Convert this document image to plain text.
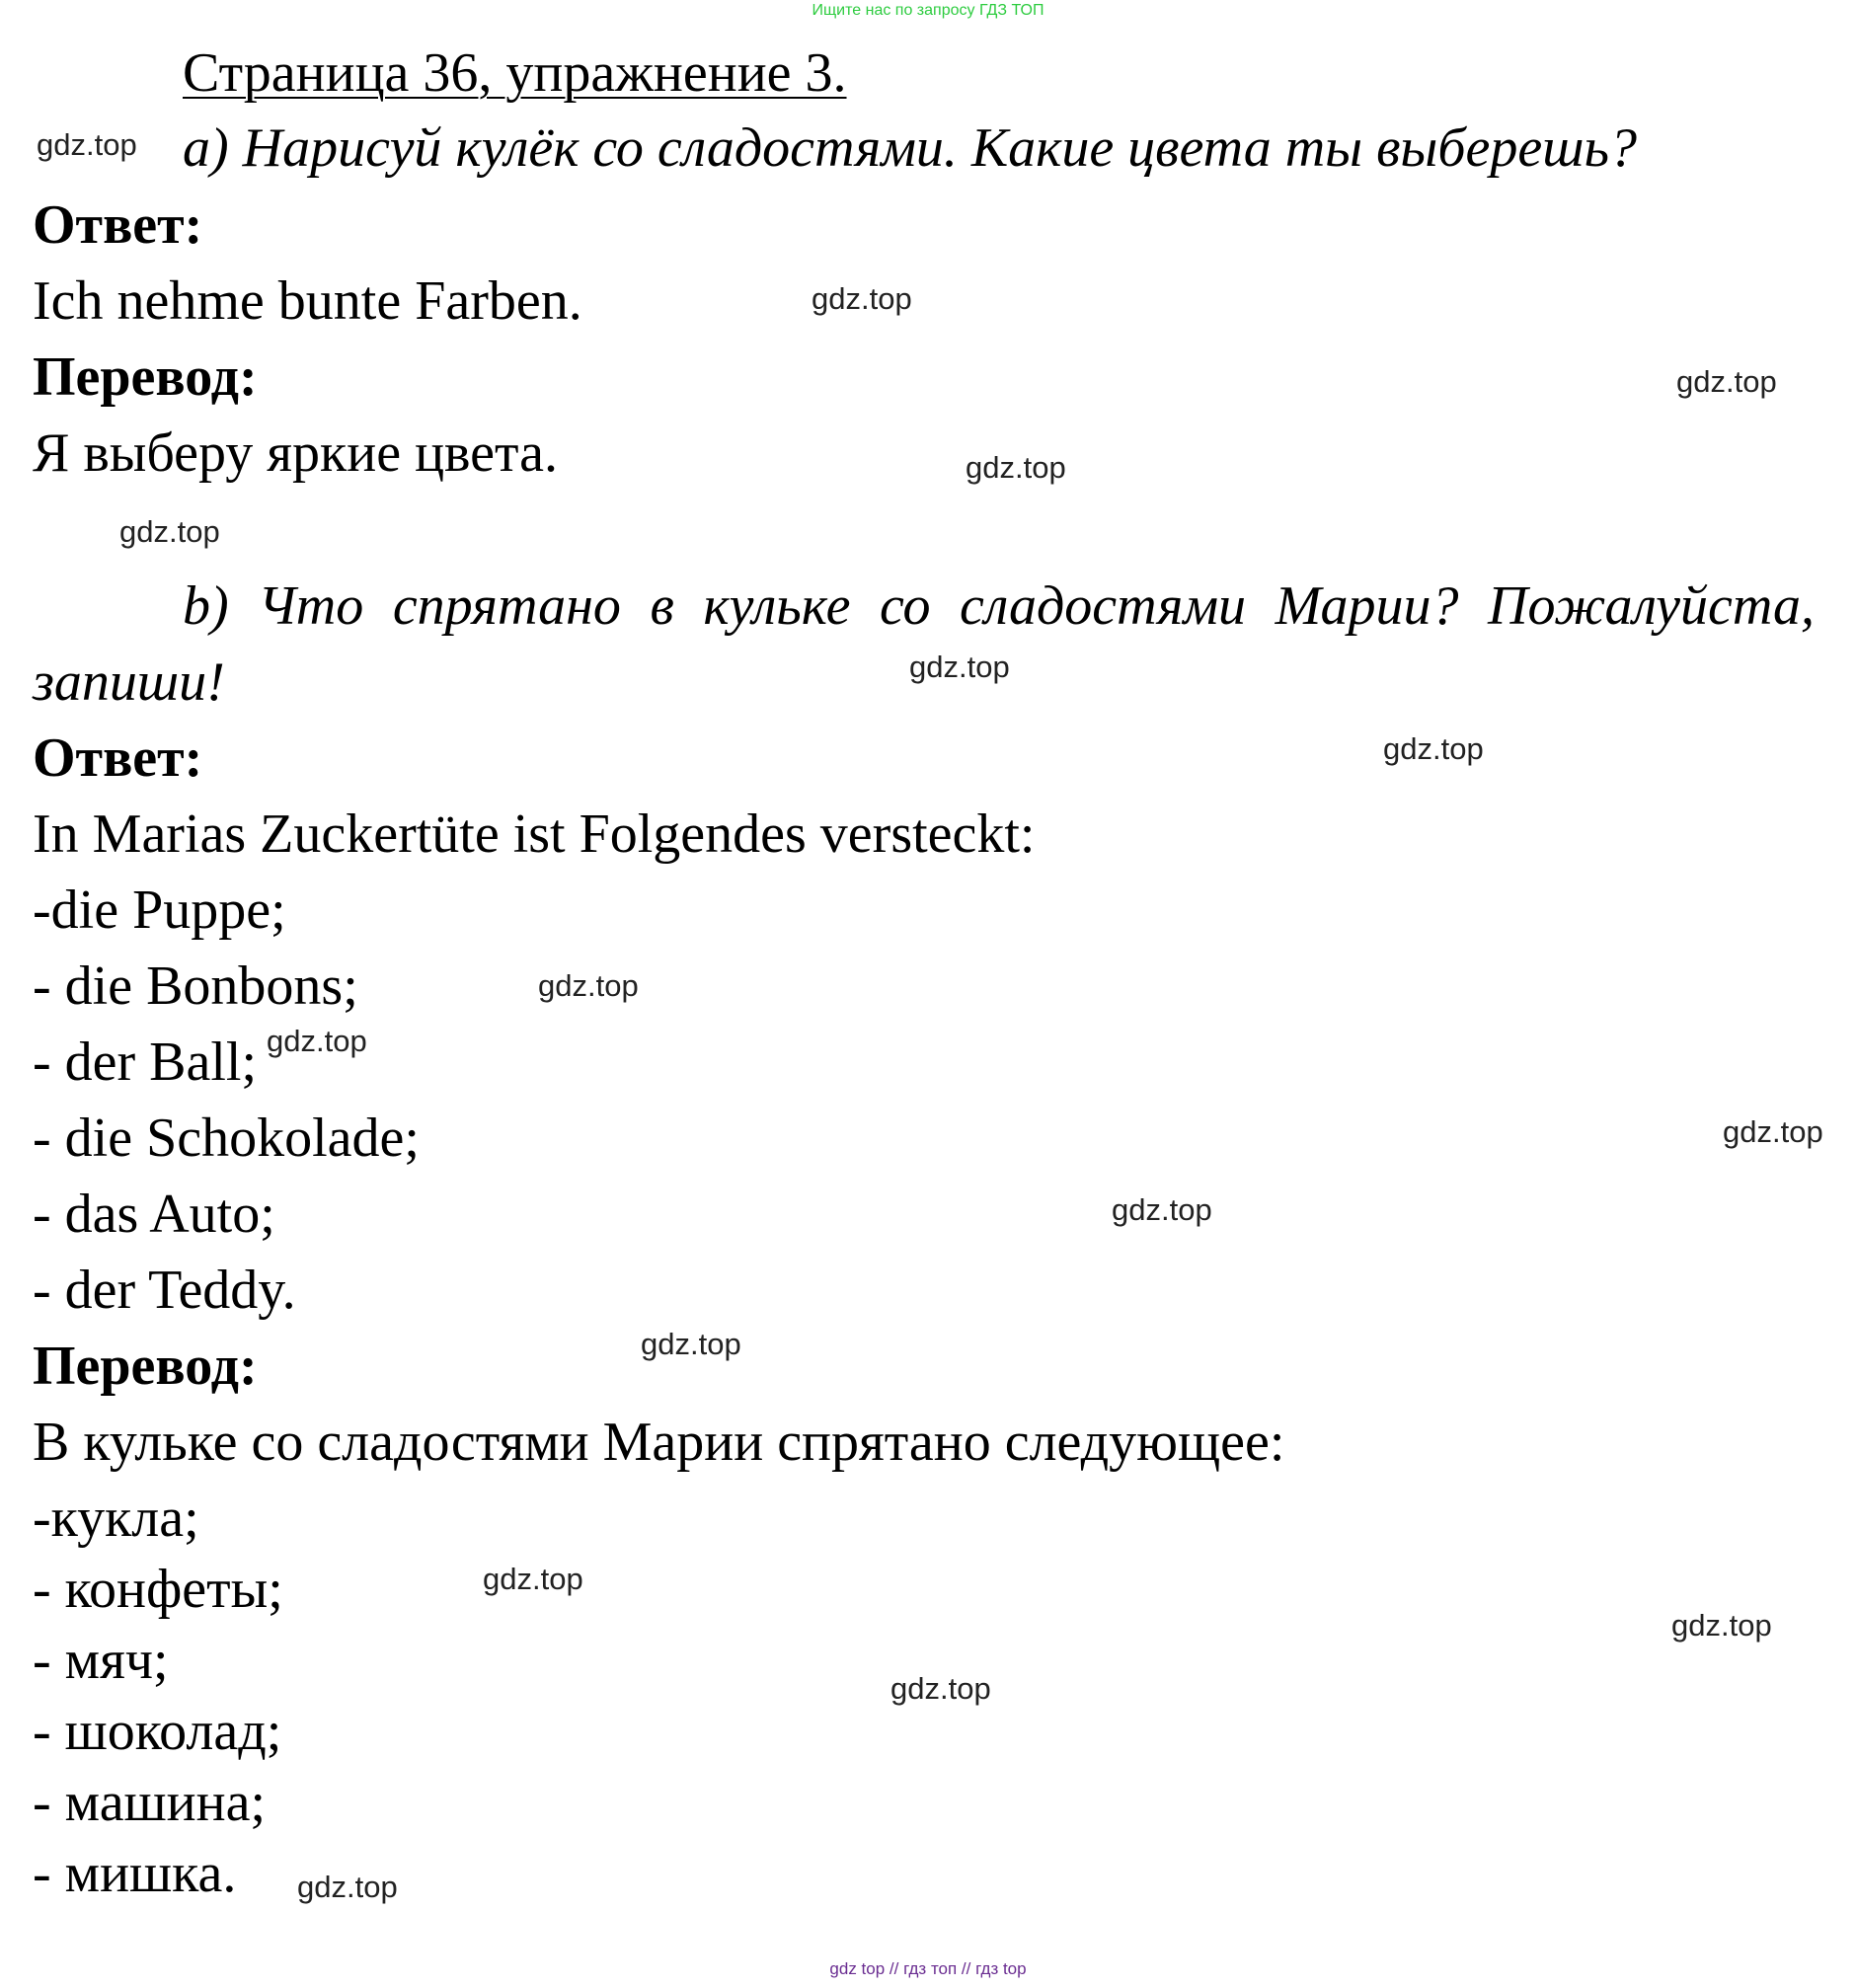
Ищите нас по запросу ГДЗ ТОП
Страница 36, упражнение 3.
a) Нарисуй кулёк со сладостями. Какие цвета ты выберешь?
Ответ:
Ich nehme bunte Farben.
Перевод:
Я выберу яркие цвета.
b) Что спрятано в кульке со сладостями Марии? Пожалуйста,
запиши!
Ответ:
In Marias Zuckertüte ist Folgendes versteckt:
-die Puppe;
- die Bonbons;
- der Ball;
- die Schokolade;
- das Auto;
- der Teddy.
Перевод:
В кульке со сладостями Марии спрятано следующее:
-кукла;
- конфеты;
- мяч;
- шоколад;
- машина;
- мишка.
gdz.top
gdz.top
gdz.top
gdz.top
gdz.top
gdz.top
gdz.top
gdz.top
gdz.top
gdz.top
gdz.top
gdz.top
gdz.top
gdz.top
gdz.top
gdz.top
gdz top // гдз топ // гдз top
